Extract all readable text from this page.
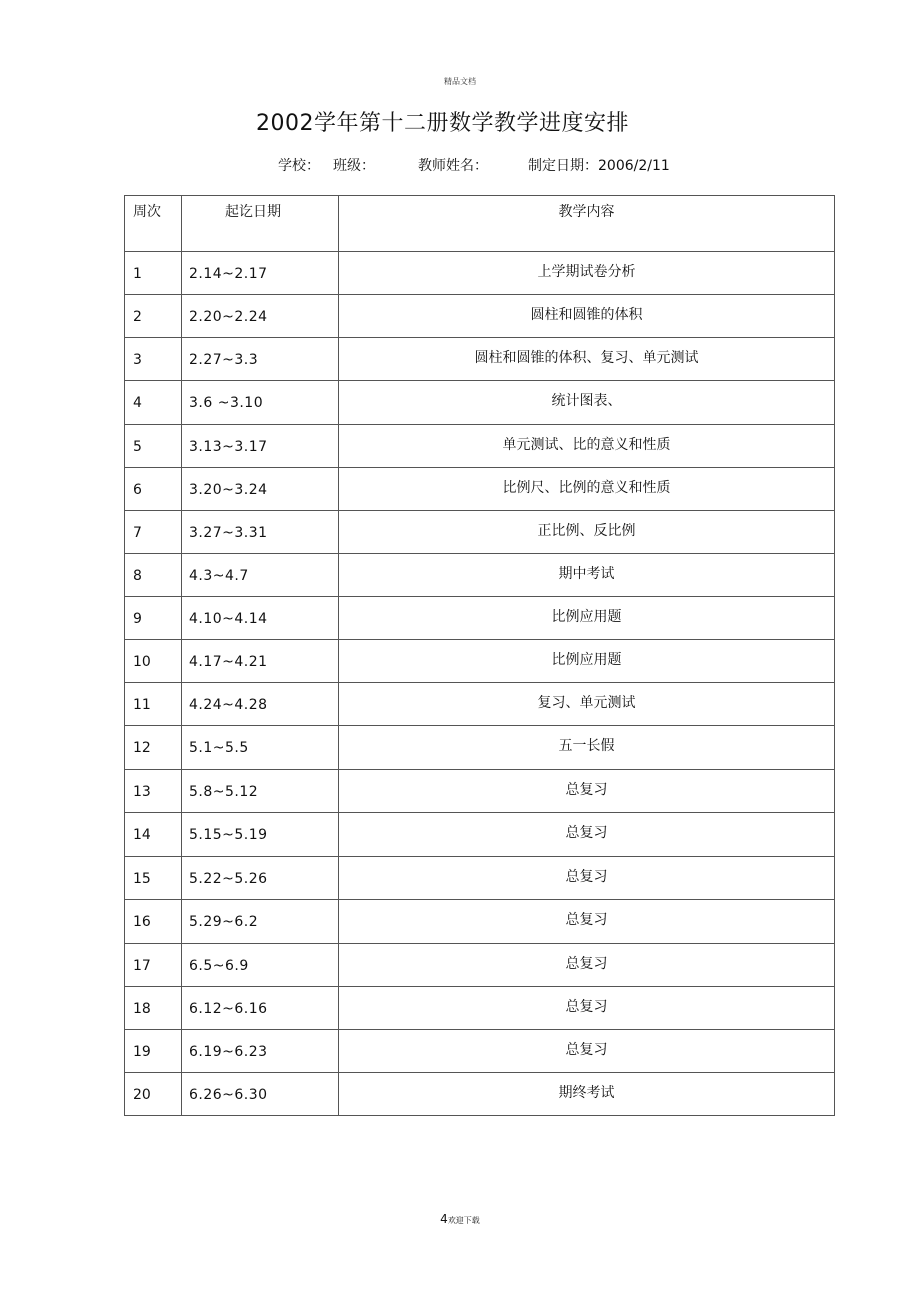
精品文档
2002学年第十二册数学教学进度安排
学校： 班级：	教师姓名：	制定日期：2006/2/11
周次	起讫日期	教学内容

1	2.14~2.17	上学期试卷分析

2	2.20~2.24	圆柱和圆锥的体积

3	2.27~3.3	圆柱和圆锥的体积、复习、单元测试

4	3.6 ~3.10	统计图表、

5	3.13~3.17	单元测试、比的意义和性质

6	3.20~3.24	比例尺、比例的意义和性质

7	3.27~3.31	正比例、反比例

8	4.3~4.7	期中考试

9	4.10~4.14	比例应用题

10	4.17~4.21	比例应用题

11	4.24~4.28	复习、单元测试

12	5.1~5.5	五一长假

13	5.8~5.12	总复习

14	5.15~5.19	总复习

15	5.22~5.26	总复习

16	5.29~6.2	总复习

17	6.5~6.9	总复习

18	6.12~6.16	总复习

19	6.19~6.23	总复习

20	6.26~6.30	期终考试
4欢迎下载
